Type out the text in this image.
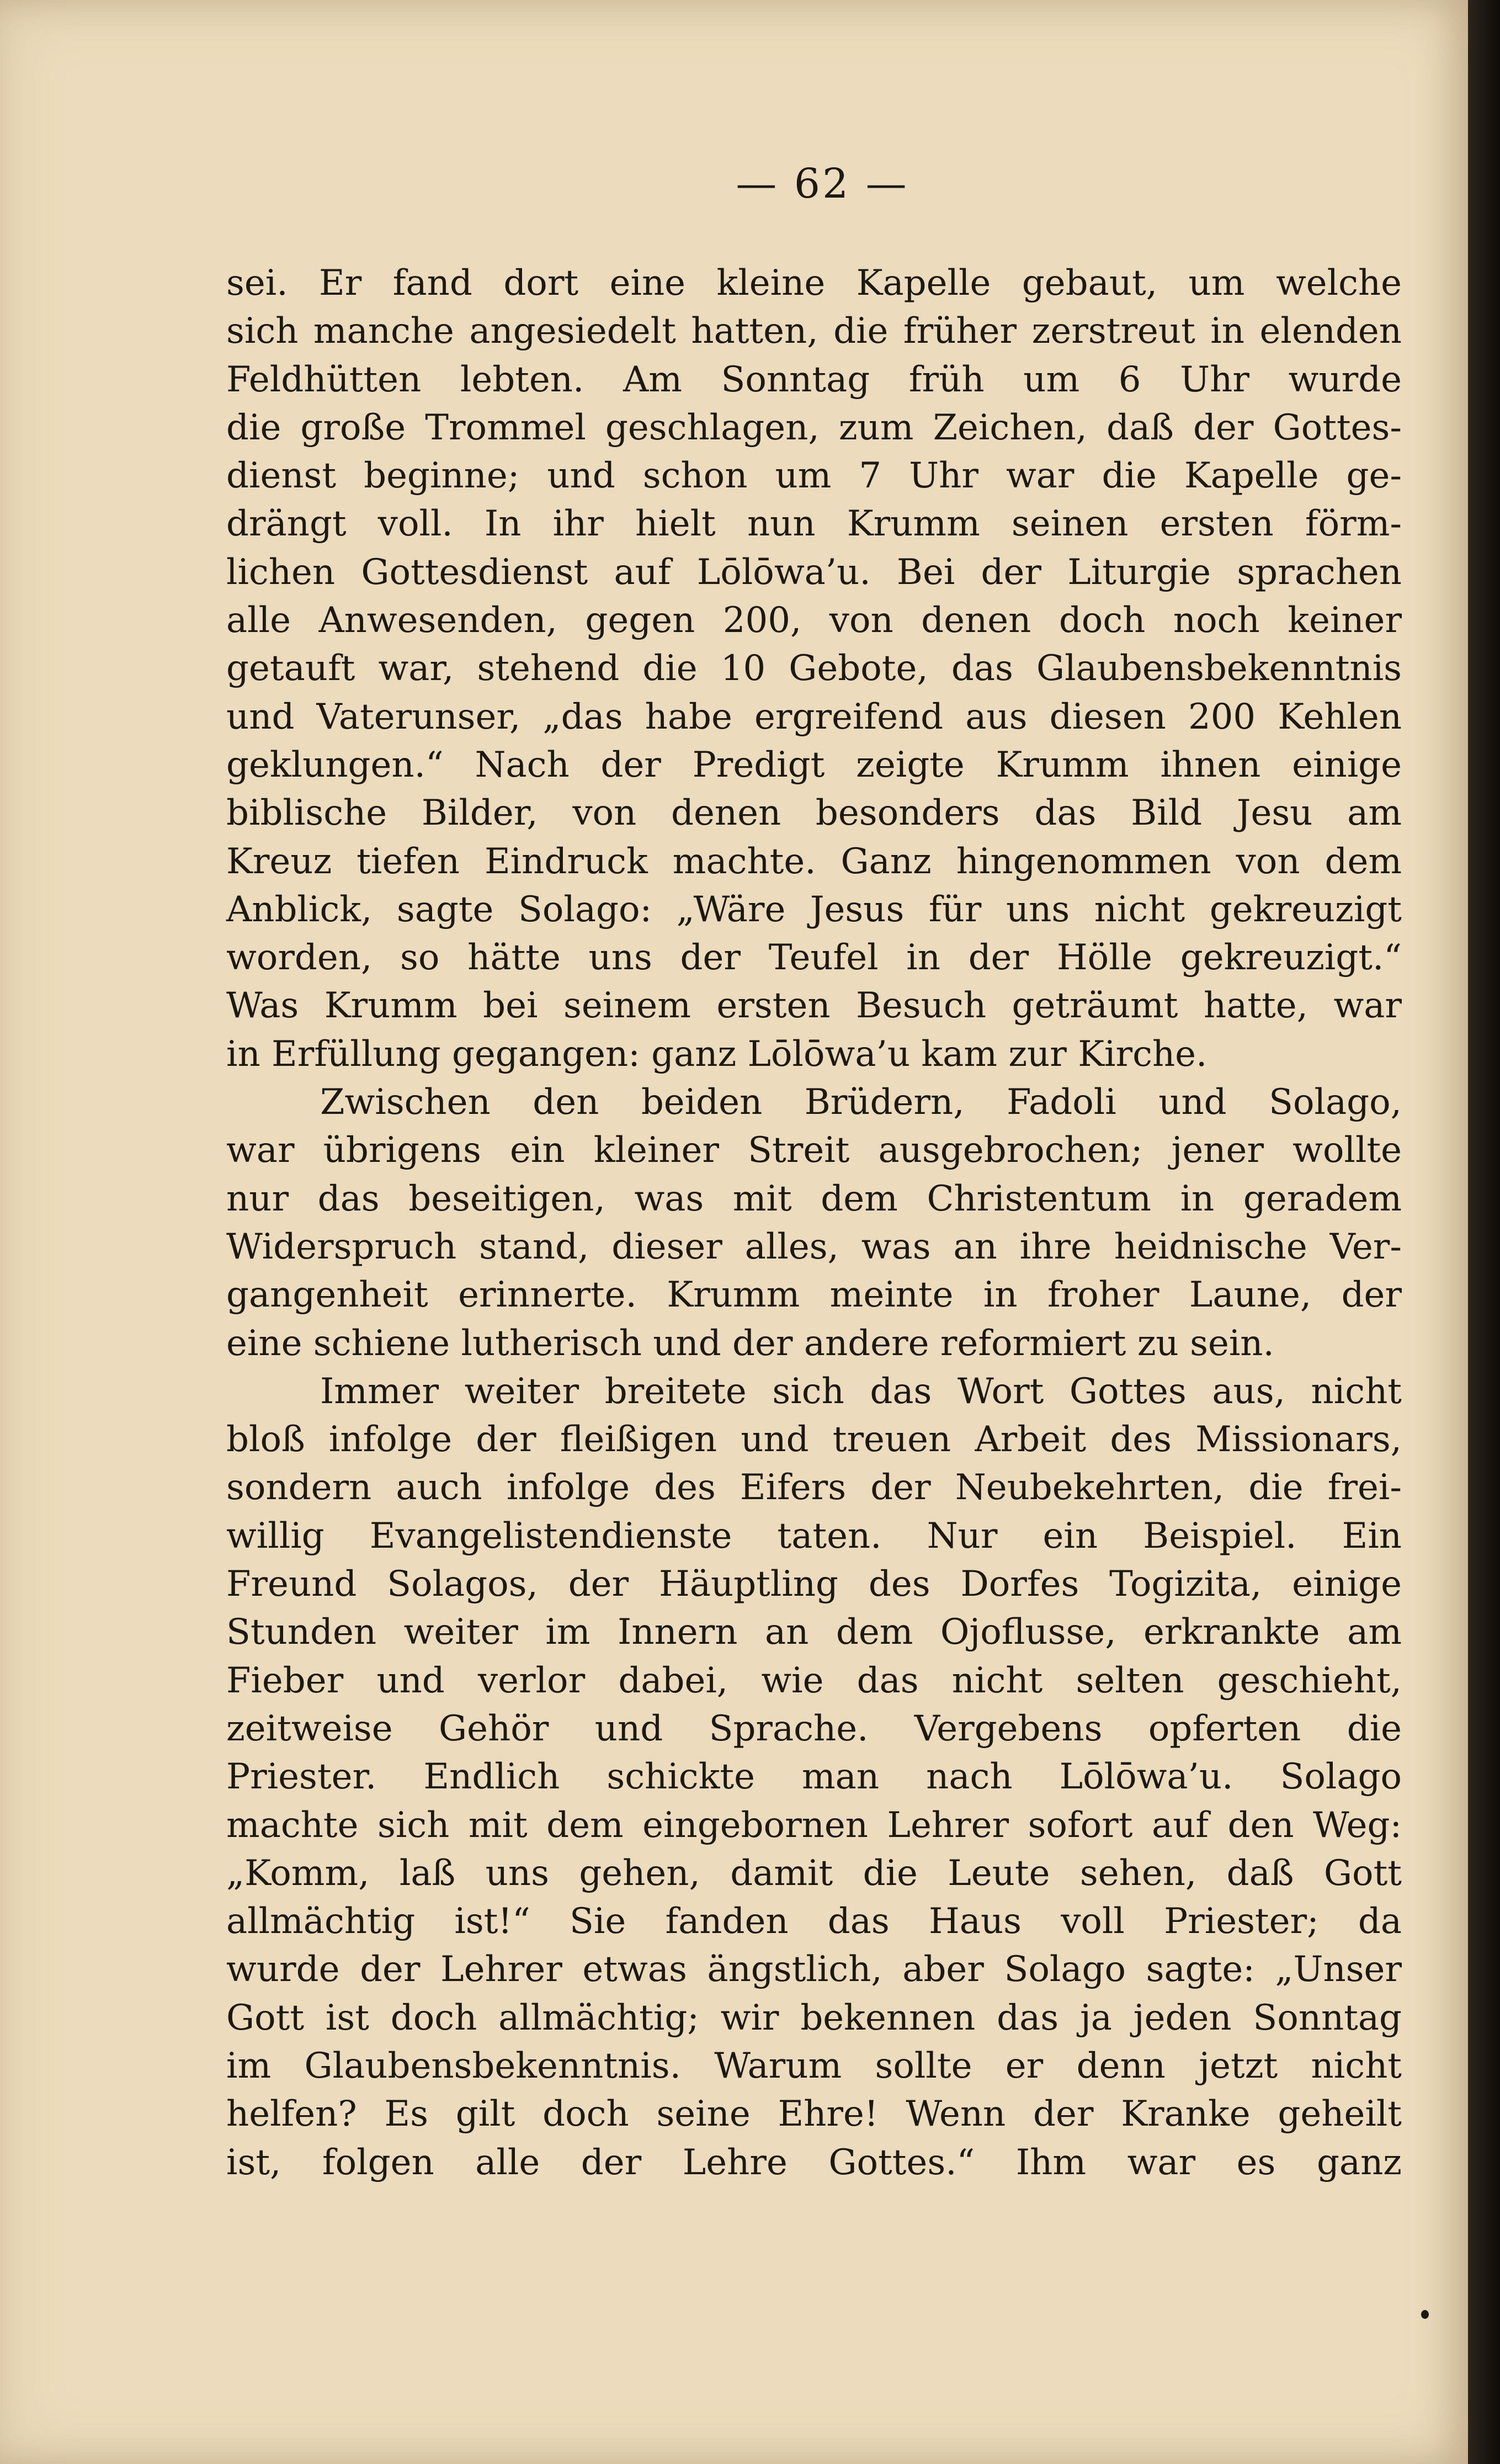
— 62 —
sei. Er fand dort eine kleine Kapelle gebaut, um welche
sich manche angesiedelt hatten, die früher zerstreut in elenden
Feldhütten lebten. Am Sonntag früh um 6 Uhr wurde
die große Trommel geschlagen, zum Zeichen, daß der Gottes-
dienst beginne; und schon um 7 Uhr war die Kapelle ge-
drängt voll. In ihr hielt nun Krumm seinen ersten förm-
lichen Gottesdienst auf Lōlōwa’u. Bei der Liturgie sprachen
alle Anwesenden, gegen 200, von denen doch noch keiner
getauft war, stehend die 10 Gebote, das Glaubensbekenntnis
und Vaterunser, „das habe ergreifend aus diesen 200 Kehlen
geklungen.“ Nach der Predigt zeigte Krumm ihnen einige
biblische Bilder, von denen besonders das Bild Jesu am
Kreuz tiefen Eindruck machte. Ganz hingenommen von dem
Anblick, sagte Solago: „Wäre Jesus für uns nicht gekreuzigt
worden, so hätte uns der Teufel in der Hölle gekreuzigt.“
Was Krumm bei seinem ersten Besuch geträumt hatte, war
in Erfüllung gegangen: ganz Lōlōwa’u kam zur Kirche.
Zwischen den beiden Brüdern, Fadoli und Solago,
war übrigens ein kleiner Streit ausgebrochen; jener wollte
nur das beseitigen, was mit dem Christentum in geradem
Widerspruch stand, dieser alles, was an ihre heidnische Ver-
gangenheit erinnerte. Krumm meinte in froher Laune, der
eine schiene lutherisch und der andere reformiert zu sein.
Immer weiter breitete sich das Wort Gottes aus, nicht
bloß infolge der fleißigen und treuen Arbeit des Missionars,
sondern auch infolge des Eifers der Neubekehrten, die frei-
willig Evangelistendienste taten. Nur ein Beispiel. Ein
Freund Solagos, der Häuptling des Dorfes Togizita, einige
Stunden weiter im Innern an dem Ojoflusse, erkrankte am
Fieber und verlor dabei, wie das nicht selten geschieht,
zeitweise Gehör und Sprache. Vergebens opferten die
Priester. Endlich schickte man nach Lōlōwa’u. Solago
machte sich mit dem eingebornen Lehrer sofort auf den Weg:
„Komm, laß uns gehen, damit die Leute sehen, daß Gott
allmächtig ist!“ Sie fanden das Haus voll Priester; da
wurde der Lehrer etwas ängstlich, aber Solago sagte: „Unser
Gott ist doch allmächtig; wir bekennen das ja jeden Sonntag
im Glaubensbekenntnis. Warum sollte er denn jetzt nicht
helfen? Es gilt doch seine Ehre! Wenn der Kranke geheilt
ist, folgen alle der Lehre Gottes.“ Ihm war es ganz
